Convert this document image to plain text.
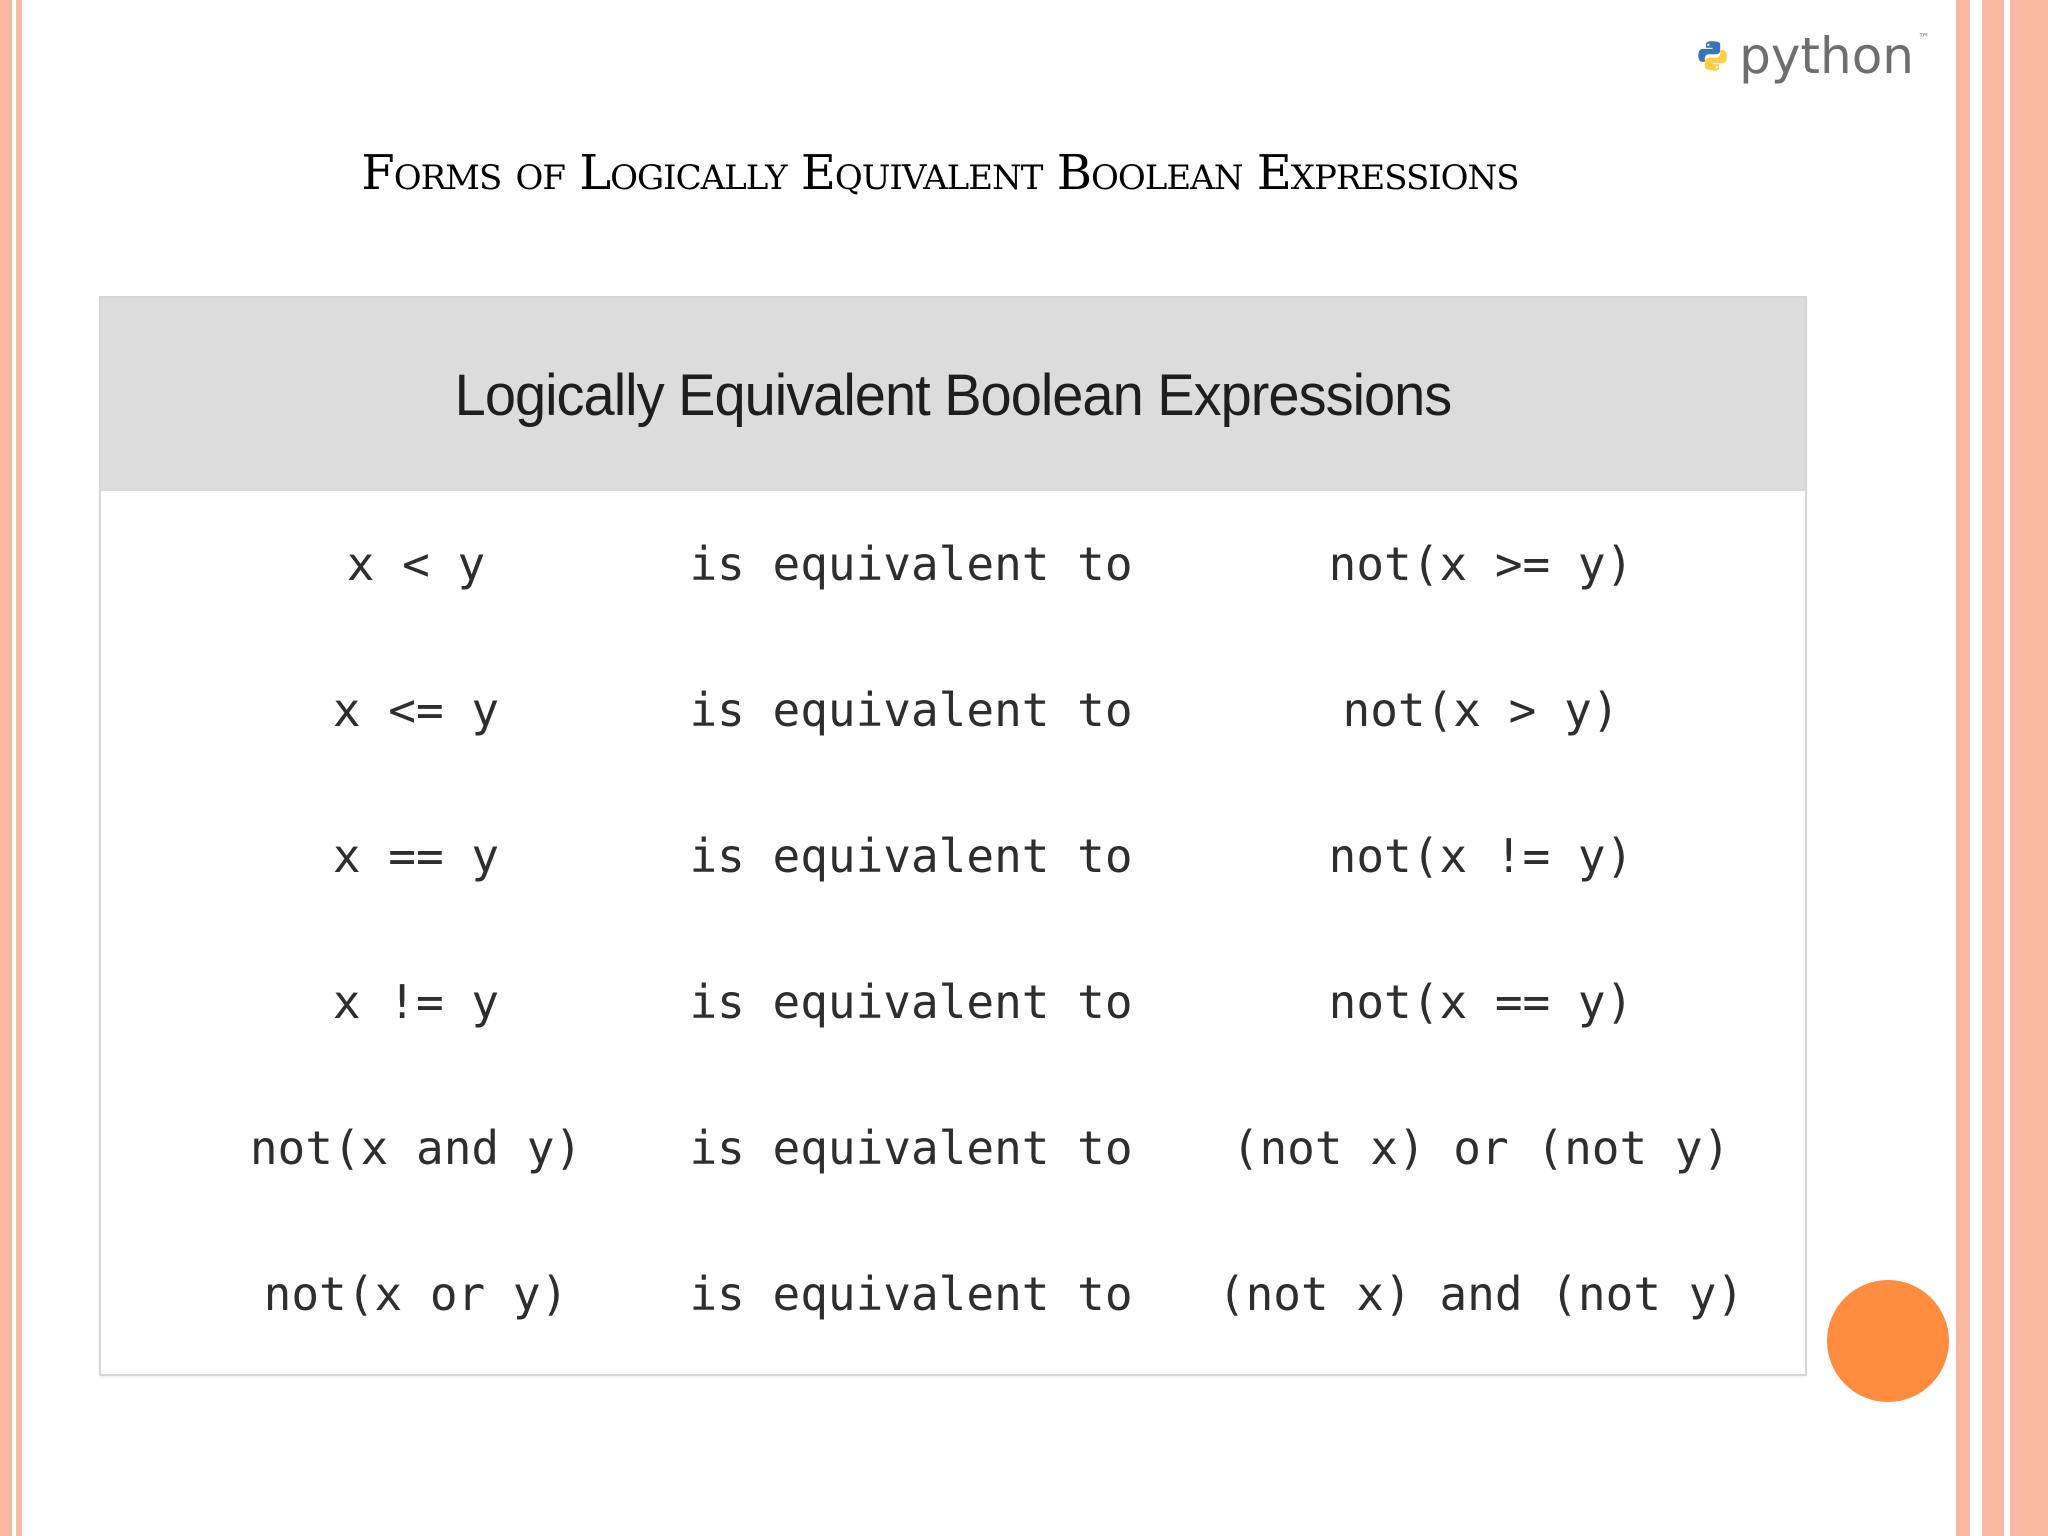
python ™
Forms of Logically Equivalent Boolean Expressions
Logically Equivalent Boolean Expressions
x < y	is equivalent to	not(x >= y)
x <= y	is equivalent to	not(x > y)
x == y	is equivalent to	not(x != y)
x != y	is equivalent to	not(x == y)
not(x and y)	is equivalent to	(not x) or (not y)
not(x or y)	is equivalent to	(not x) and (not y)
